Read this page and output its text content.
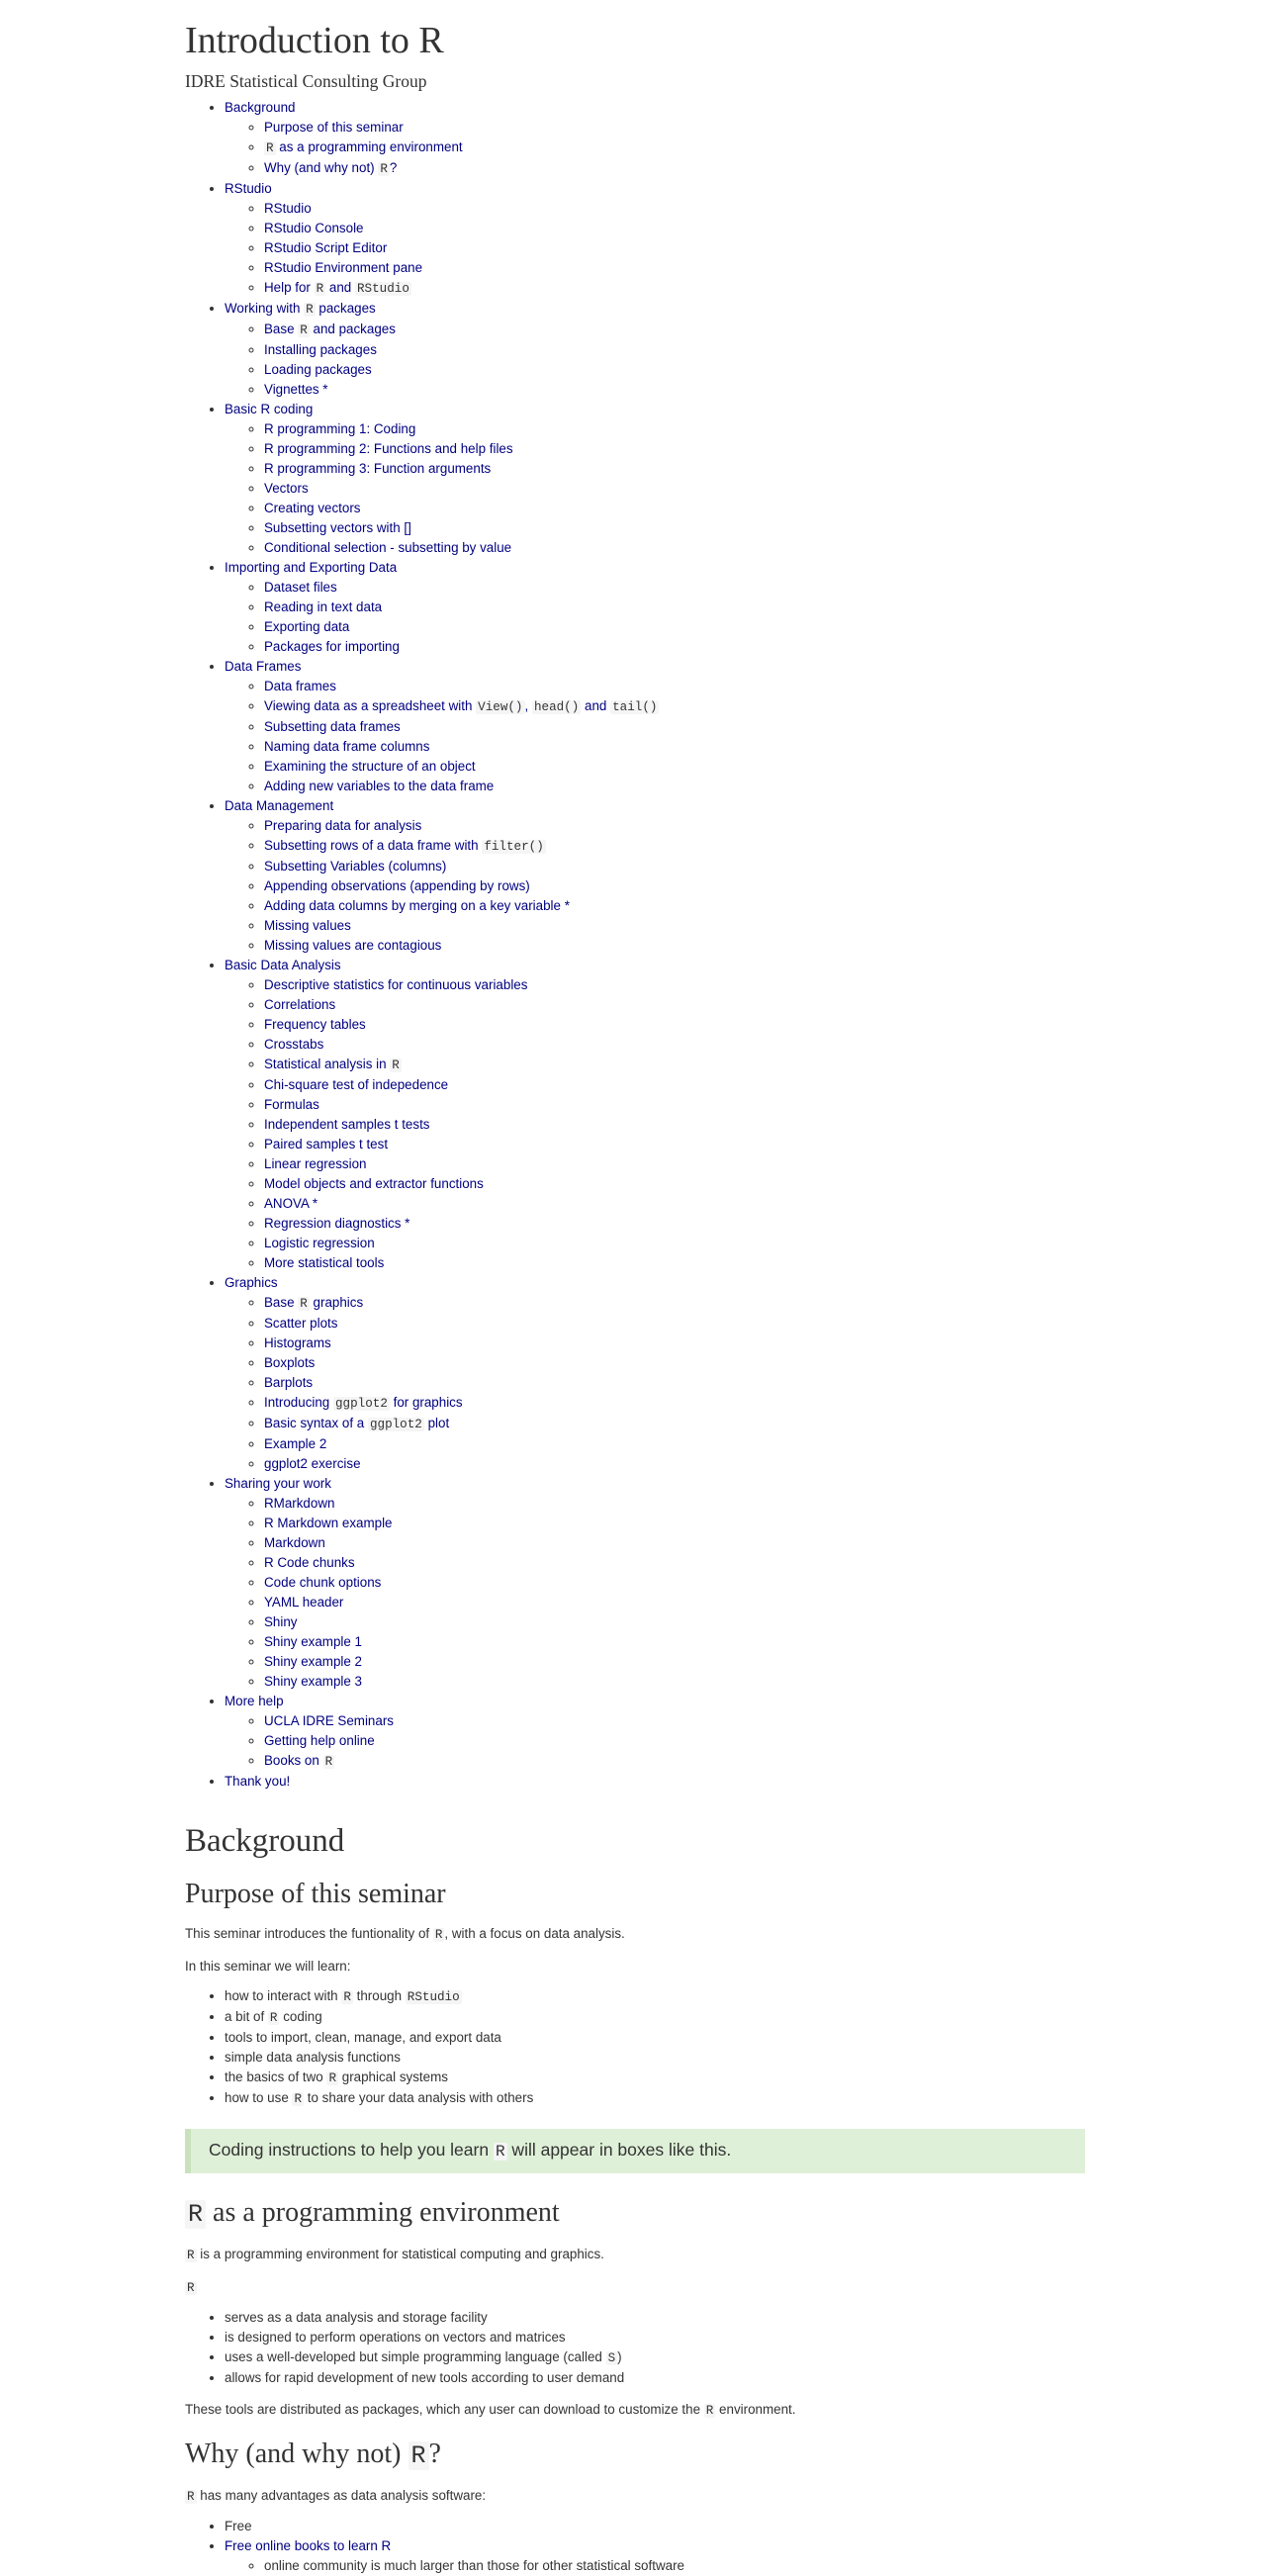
Introduction to R
IDRE Statistical Consulting Group
• Background
◦ Purpose of this seminar
◦ R as a programming environment
◦ Why (and why not) R ?
• RStudio
◦ RStudio
◦ RStudio Console
◦ RStudio Script Editor
◦ RStudio Environment pane
◦ Help for R and RStudio
• Working with R packages
◦ Base R and packages
◦ Installing packages
◦ Loading packages
◦ Vignettes *
• Basic R coding
◦ R programming 1: Coding
◦ R programming 2: Functions and help files
◦ R programming 3: Function arguments
◦ Vectors
◦ Creating vectors
◦ Subsetting vectors with []
◦ Conditional selection - subsetting by value
• Importing and Exporting Data
◦ Dataset files
◦ Reading in text data
◦ Exporting data
◦ Packages for importing
• Data Frames
◦ Data frames
◦ Viewing data as a spreadsheet with View() , head() and tail()
◦ Subsetting data frames
◦ Naming data frame columns
◦ Examining the structure of an object
◦ Adding new variables to the data frame
• Data Management
◦ Preparing data for analysis
◦ Subsetting rows of a data frame with filter()
◦ Subsetting Variables (columns)
◦ Appending observations (appending by rows)
◦ Adding data columns by merging on a key variable *
◦ Missing values
◦ Missing values are contagious
• Basic Data Analysis
◦ Descriptive statistics for continuous variables
◦ Correlations
◦ Frequency tables
◦ Crosstabs
◦ Statistical analysis in R
◦ Chi-square test of indepedence
◦ Formulas
◦ Independent samples t tests
◦ Paired samples t test
◦ Linear regression
◦ Model objects and extractor functions
◦ ANOVA *
◦ Regression diagnostics *
◦ Logistic regression
◦ More statistical tools
• Graphics
◦ Base R graphics
◦ Scatter plots
◦ Histograms
◦ Boxplots
◦ Barplots
◦ Introducing ggplot2 for graphics
◦ Basic syntax of a ggplot2 plot
◦ Example 2
◦ ggplot2 exercise
• Sharing your work
◦ RMarkdown
◦ R Markdown example
◦ Markdown
◦ R Code chunks
◦ Code chunk options
◦ YAML header
◦ Shiny
◦ Shiny example 1
◦ Shiny example 2
◦ Shiny example 3
• More help
◦ UCLA IDRE Seminars
◦ Getting help online
◦ Books on R
• Thank you!
Background
Purpose of this seminar

This seminar introduces the funtionality of R , with a focus on data analysis.

In this seminar we will learn:

• how to interact with R through RStudio
• a bit of R coding
• tools to import, clean, manage, and export data
• simple data analysis functions
• the basics of two R graphical systems
• how to use R to share your data analysis with others
Coding instructions to help you learn R will appear in boxes like this.
R as a programming environment

R is a programming environment for statistical computing and graphics.

R

• serves as a data analysis and storage facility
• is designed to perform operations on vectors and matrices
• uses a well-developed but simple programming language (called S )
• allows for rapid development of new tools according to user demand

These tools are distributed as packages, which any user can download to customize the R environment.

Why (and why not) R ?

R has many advantages as data analysis software:

• Free
• Free online books to learn R
◦ online community is much larger than those for other statistical software
